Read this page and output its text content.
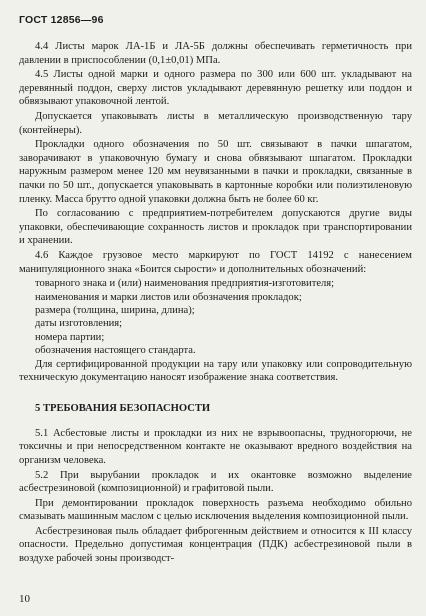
ГОСТ 12856—96

4.4 Листы марок ЛА-1Б и ЛА-5Б должны обеспечивать герметичность при давлении в приспособлении (0,1±0,01) МПа.

4.5 Листы одной марки и одного размера по 300 или 600 шт. укладывают на деревянный поддон, сверху листов укладывают деревянную решетку или поддон и обвязывают упаковочной лентой.

Допускается упаковывать листы в металлическую производственную тару (контейнеры).

Прокладки одного обозначения по 50 шт. связывают в пачки шпагатом, заворачивают в упаковочную бумагу и снова обвязывают шпагатом. Прокладки наружным размером менее 120 мм неувязанными в пачки и прокладки, связанные в пачки по 50 шт., допускается упаковывать в картонные коробки или полиэтиленовую пленку. Масса брутто одной упаковки должна быть не более 60 кг.

По согласованию с предприятием-потребителем допускаются другие виды упаковки, обеспечивающие сохранность листов и прокладок при транспортировании и хранении.

4.6 Каждое грузовое место маркируют по ГОСТ 14192 с нанесением манипуляционного знака «Боится сырости» и дополнительных обозначений:

товарного знака и (или) наименования предприятия-изготовителя;
наименования и марки листов или обозначения прокладок;
размера (толщина, ширина, длина);
даты изготовления;
номера партии;
обозначения настоящего стандарта.

Для сертифицированной продукции на тару или упаковку или сопроводительную техническую документацию наносят изображение знака соответствия.

5 ТРЕБОВАНИЯ БЕЗОПАСНОСТИ

5.1 Асбестовые листы и прокладки из них не взрывоопасны, трудногорючи, не токсичны и при непосредственном контакте не оказывают вредного воздействия на организм человека.

5.2 При вырубании прокладок и их окантовке возможно выделение асбестрезиновой (композиционной) и графитовой пыли.

При демонтировании прокладок поверхность разъема необходимо обильно смазывать машинным маслом с целью исключения выделения композиционной пыли.

Асбестрезиновая пыль обладает фиброгенным действием и относится к III классу опасности. Предельно допустимая концентрация (ПДК) асбестрезиновой пыли в воздухе рабочей зоны производст-

10
